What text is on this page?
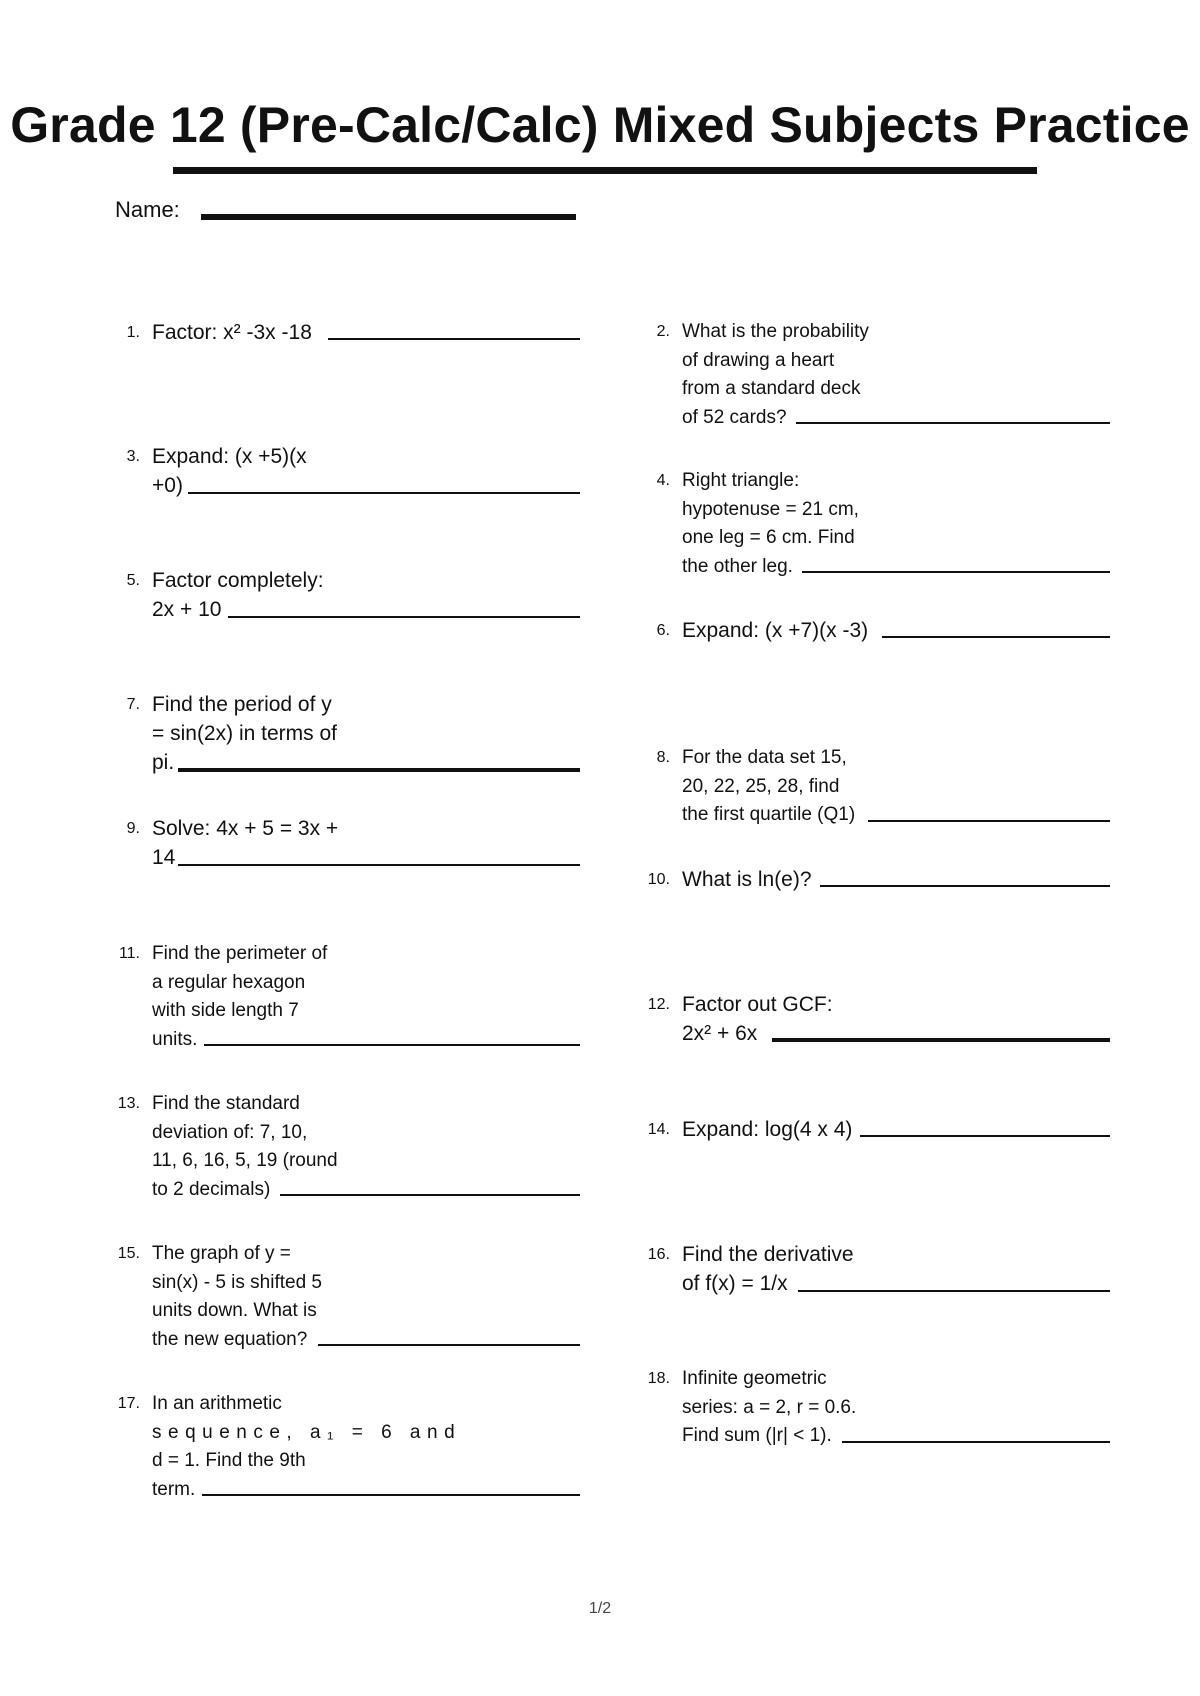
Grade 12 (Pre-Calc/Calc) Mixed Subjects Practice
Name:
1. Factor: x² -3x -18
3. Expand: (x +5)(x
+0)
5. Factor completely:
2x + 10
7. Find the period of y
= sin(2x) in terms of
pi.
9. Solve: 4x + 5 = 3x +
14
11. Find the perimeter of
a regular hexagon
with side length 7
units.
13. Find the standard
deviation of: 7, 10,
11, 6, 16, 5, 19 (round
to 2 decimals)
15. The graph of y =
sin(x) - 5 is shifted 5
units down. What is
the new equation?
17. In an arithmetic
sequence, a₁ = 6 and
d = 1. Find the 9th
term.
2. What is the probability
of drawing a heart
from a standard deck
of 52 cards?
4. Right triangle:
hypotenuse = 21 cm,
one leg = 6 cm. Find
the other leg.
6. Expand: (x +7)(x -3)
8. For the data set 15,
20, 22, 25, 28, find
the first quartile (Q1)
10. What is ln(e)?
12. Factor out GCF:
2x² + 6x
14. Expand: log(4 x 4)
16. Find the derivative
of f(x) = 1/x
18. Infinite geometric
series: a = 2, r = 0.6.
Find sum (|r| < 1).
1/2
